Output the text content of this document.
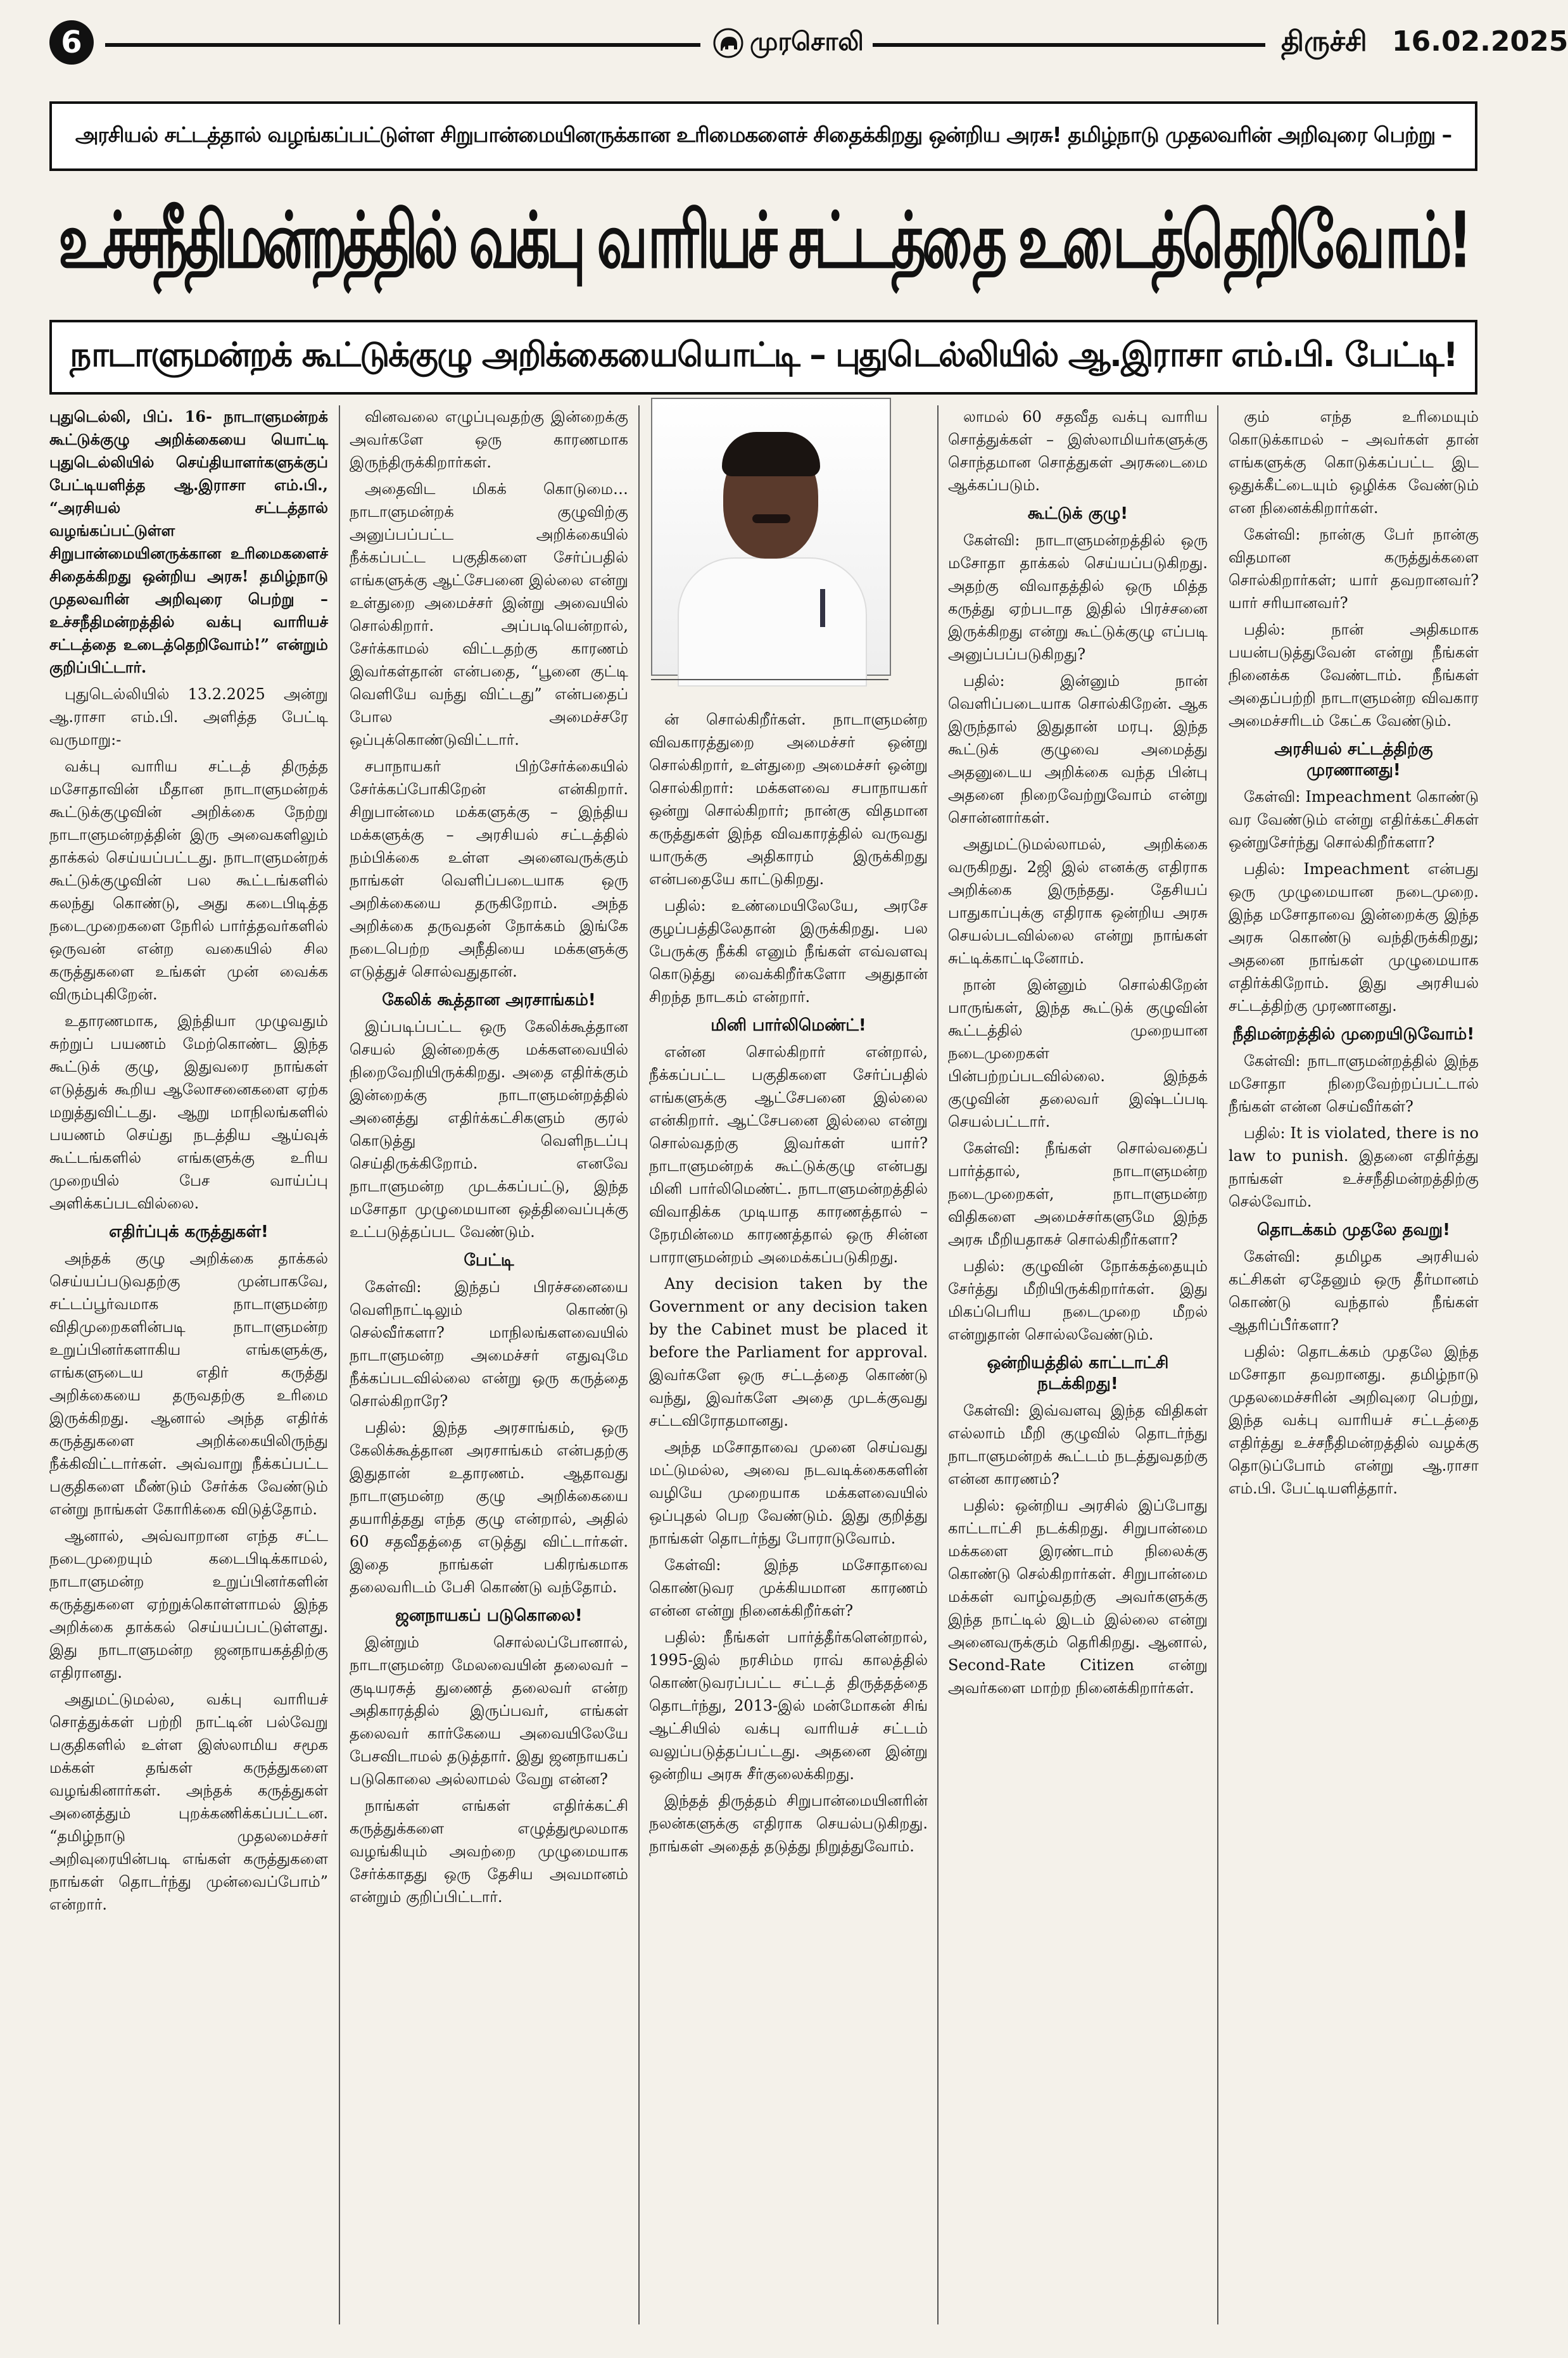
6	முரசொலி	திருச்சி 16.02.2025
அரசியல் சட்டத்தால் வழங்கப்பட்டுள்ள சிறுபான்மையினருக்கான உரிமைகளைச் சிதைக்கிறது ஒன்றிய அரசு! தமிழ்நாடு முதலவரின் அறிவுரை பெற்று –
உச்சநீதிமன்றத்தில் வக்பு வாரியச் சட்டத்தை உடைத்தெறிவோம்!
நாடாளுமன்றக் கூட்டுக்குழு அறிக்கையையொட்டி – புதுடெல்லியில் ஆ.இராசா எம்.பி. பேட்டி!

புதுடெல்லி, பிப். 16- நாடாளுமன்றக் கூட்டுக்குழு அறிக்கையை யொட்டி புதுடெல்லியில் செய்தியாளர்களுக்குப் பேட்டியளித்த ஆ.இராசா எம்.பி., “அரசியல் சட்டத்தால் வழங்கப்பட்டுள்ள சிறுபான்மையினருக்கான உரிமைகளைச் சிதைக்கிறது ஒன்றிய அரசு! தமிழ்நாடு முதலவரின் அறிவுரை பெற்று – உச்சநீதிமன்றத்தில் வக்பு வாரியச் சட்டத்தை உடைத்தெறிவோம்!” என்றும் குறிப்பிட்டார்.

புதுடெல்லியில் 13.2.2025 அன்று ஆ.ராசா எம்.பி. அளித்த பேட்டி வருமாறு:-

வக்பு வாரிய சட்டத் திருத்த மசோதாவின் மீதான நாடாளுமன்றக் கூட்டுக்குழுவின் அறிக்கை நேற்று நாடாளுமன்றத்தின் இரு அவைகளிலும் தாக்கல் செய்யப்பட்டது. நாடாளுமன்றக் கூட்டுக்குழுவின் பல கூட்டங்களில் கலந்து கொண்டு, அது கடைபிடித்த நடைமுறைகளை நேரில் பார்த்தவர்களில் ஒருவன் என்ற வகையில் சில கருத்துகளை உங்கள் முன் வைக்க விரும்புகிறேன்.

உதாரணமாக, இந்தியா முழுவதும் சுற்றுப் பயணம் மேற்கொண்ட இந்த கூட்டுக் குழு, இதுவரை நாங்கள் எடுத்துக் கூறிய ஆலோசனைகளை ஏற்க மறுத்துவிட்டது. ஆறு மாநிலங்களில் பயணம் செய்து நடத்திய ஆய்வுக் கூட்டங்களில் எங்களுக்கு உரிய முறையில் பேச வாய்ப்பு அளிக்கப்படவில்லை.

எதிர்ப்புக் கருத்துகள்!

அந்தக் குழு அறிக்கை தாக்கல் செய்யப்படுவதற்கு முன்பாகவே, சட்டப்பூர்வமாக நாடாளுமன்ற விதிமுறைகளின்படி நாடாளுமன்ற உறுப்பினர்களாகிய எங்களுக்கு, எங்களுடைய எதிர் கருத்து அறிக்கையை தருவதற்கு உரிமை இருக்கிறது. ஆனால் அந்த எதிர்க் கருத்துகளை அறிக்கையிலிருந்து நீக்கிவிட்டார்கள். அவ்வாறு நீக்கப்பட்ட பகுதிகளை மீண்டும் சேர்க்க வேண்டும் என்று நாங்கள் கோரிக்கை விடுத்தோம்.

ஆனால், அவ்வாறான எந்த சட்ட நடைமுறையும் கடைபிடிக்காமல், நாடாளுமன்ற உறுப்பினர்களின் கருத்துகளை ஏற்றுக்கொள்ளாமல் இந்த அறிக்கை தாக்கல் செய்யப்பட்டுள்ளது. இது நாடாளுமன்ற ஜனநாயகத்திற்கு எதிரானது.

அதுமட்டுமல்ல, வக்பு வாரியச் சொத்துக்கள் பற்றி நாட்டின் பல்வேறு பகுதிகளில் உள்ள இஸ்லாமிய சமூக மக்கள் தங்கள் கருத்துகளை வழங்கினார்கள். அந்தக் கருத்துகள் அனைத்தும் புறக்கணிக்கப்பட்டன. “தமிழ்நாடு முதலமைச்சர் அறிவுரையின்படி எங்கள் கருத்துகளை நாங்கள் தொடர்ந்து முன்வைப்போம்” என்றார்.

வினவலை எழுப்புவதற்கு இன்றைக்கு அவர்களே ஒரு காரணமாக இருந்திருக்கிறார்கள்.

அதைவிட மிகக் கொடுமை… நாடாளுமன்றக் குழுவிற்கு அனுப்பப்பட்ட அறிக்கையில் நீக்கப்பட்ட பகுதிகளை சேர்ப்பதில் எங்களுக்கு ஆட்சேபனை இல்லை என்று உள்துறை அமைச்சர் இன்று அவையில் சொல்கிறார். அப்படியென்றால், சேர்க்காமல் விட்டதற்கு காரணம் இவர்கள்தான் என்பதை, “பூனை குட்டி வெளியே வந்து விட்டது” என்பதைப் போல அமைச்சரே ஒப்புக்கொண்டுவிட்டார்.

சபாநாயகர் பிற்சேர்க்கையில் சேர்க்கப்போகிறேன் என்கிறார். சிறுபான்மை மக்களுக்கு – இந்திய மக்களுக்கு – அரசியல் சட்டத்தில் நம்பிக்கை உள்ள அனைவருக்கும் நாங்கள் வெளிப்படையாக ஒரு அறிக்கையை தருகிறோம். அந்த அறிக்கை தருவதன் நோக்கம் இங்கே நடைபெற்ற அநீதியை மக்களுக்கு எடுத்துச் சொல்வதுதான்.

கேலிக் கூத்தான அரசாங்கம்!

இப்படிப்பட்ட ஒரு கேலிக்கூத்தான செயல் இன்றைக்கு மக்களவையில் நிறைவேறியிருக்கிறது. அதை எதிர்க்கும் இன்றைக்கு நாடாளுமன்றத்தில் அனைத்து எதிர்க்கட்சிகளும் குரல் கொடுத்து வெளிநடப்பு செய்திருக்கிறோம். எனவே நாடாளுமன்ற முடக்கப்பட்டு, இந்த மசோதா முழுமையான ஒத்திவைப்புக்கு உட்படுத்தப்பட வேண்டும்.

பேட்டி

கேள்வி: இந்தப் பிரச்சனையை வெளிநாட்டிலும் கொண்டு செல்வீர்களா? மாநிலங்களவையில் நாடாளுமன்ற அமைச்சர் எதுவுமே நீக்கப்படவில்லை என்று ஒரு கருத்தை சொல்கிறாரே?

பதில்: இந்த அரசாங்கம், ஒரு கேலிக்கூத்தான அரசாங்கம் என்பதற்கு இதுதான் உதாரணம். ஆதாவது நாடாளுமன்ற குழு அறிக்கையை தயாரித்தது எந்த குழு என்றால், அதில் 60 சதவீதத்தை எடுத்து விட்டார்கள். இதை நாங்கள் பகிரங்கமாக தலைவரிடம் பேசி கொண்டு வந்தோம்.

ஜனநாயகப் படுகொலை!

இன்றும் சொல்லப்போனால், நாடாளுமன்ற மேலவையின் தலைவர் – குடியரசுத் துணைத் தலைவர் என்ற அதிகாரத்தில் இருப்பவர், எங்கள் தலைவர் கார்கேயை அவையிலேயே பேசவிடாமல் தடுத்தார். இது ஜனநாயகப் படுகொலை அல்லாமல் வேறு என்ன?

நாங்கள் எங்கள் எதிர்க்கட்சி கருத்துக்களை எழுத்துமூலமாக வழங்கியும் அவற்றை முழுமையாக சேர்க்காதது ஒரு தேசிய அவமானம் என்றும் குறிப்பிட்டார்.

ன் சொல்கிறீர்கள். நாடாளுமன்ற விவகாரத்துறை அமைச்சர் ஒன்று சொல்கிறார், உள்துறை அமைச்சர் ஒன்று சொல்கிறார்: மக்களவை சபாநாயகர் ஒன்று சொல்கிறார்; நான்கு விதமான கருத்துகள் இந்த விவகாரத்தில் வருவது யாருக்கு அதிகாரம் இருக்கிறது என்பதையே காட்டுகிறது.

பதில்: உண்மையிலேயே, அரசே குழப்பத்திலேதான் இருக்கிறது. பல பேருக்கு நீக்கி எனும் நீங்கள் எவ்வளவு கொடுத்து வைக்கிறீர்களோ அதுதான் சிறந்த நாடகம் என்றார்.

மினி பார்லிமெண்ட்!

என்ன சொல்கிறார் என்றால், நீக்கப்பட்ட பகுதிகளை சேர்ப்பதில் எங்களுக்கு ஆட்சேபனை இல்லை என்கிறார். ஆட்சேபனை இல்லை என்று சொல்வதற்கு இவர்கள் யார்? நாடாளுமன்றக் கூட்டுக்குழு என்பது மினி பார்லிமெண்ட். நாடாளுமன்றத்தில் விவாதிக்க முடியாத காரணத்தால் – நேரமின்மை காரணத்தால் ஒரு சின்ன பாராளுமன்றம் அமைக்கப்படுகிறது.

Any decision taken by the Government or any decision taken by the Cabinet must be placed it before the Parliament for approval. இவர்களே ஒரு சட்டத்தை கொண்டு வந்து, இவர்களே அதை முடக்குவது சட்டவிரோதமானது.

அந்த மசோதாவை முனை செய்வது மட்டுமல்ல, அவை நடவடிக்கைகளின் வழியே முறையாக மக்களவையில் ஒப்புதல் பெற வேண்டும். இது குறித்து நாங்கள் தொடர்ந்து போராடுவோம்.

கேள்வி: இந்த மசோதாவை கொண்டுவர முக்கியமான காரணம் என்ன என்று நினைக்கிறீர்கள்?

பதில்: நீங்கள் பார்த்தீர்களென்றால், 1995-இல் நரசிம்ம ராவ் காலத்தில் கொண்டுவரப்பட்ட சட்டத் திருத்தத்தை தொடர்ந்து, 2013-இல் மன்மோகன் சிங் ஆட்சியில் வக்பு வாரியச் சட்டம் வலுப்படுத்தப்பட்டது. அதனை இன்று ஒன்றிய அரசு சீர்குலைக்கிறது.

இந்தத் திருத்தம் சிறுபான்மையினரின் நலன்களுக்கு எதிராக செயல்படுகிறது. நாங்கள் அதைத் தடுத்து நிறுத்துவோம்.

லாமல் 60 சதவீத வக்பு வாரிய சொத்துக்கள் – இஸ்லாமியர்களுக்கு சொந்தமான சொத்துகள் அரசுடைமை ஆக்கப்படும்.

கூட்டுக் குழு!

கேள்வி: நாடாளுமன்றத்தில் ஒரு மசோதா தாக்கல் செய்யப்படுகிறது. அதற்கு விவாதத்தில் ஒரு மித்த கருத்து ஏற்படாத இதில் பிரச்சனை இருக்கிறது என்று கூட்டுக்குழு எப்படி அனுப்பப்படுகிறது?

பதில்: இன்னும் நான் வெளிப்படையாக சொல்கிறேன். ஆக இருந்தால் இதுதான் மரபு. இந்த கூட்டுக் குழுவை அமைத்து அதனுடைய அறிக்கை வந்த பின்பு அதனை நிறைவேற்றுவோம் என்று சொன்னார்கள்.

அதுமட்டுமல்லாமல், அறிக்கை வருகிறது. 2ஜி இல் எனக்கு எதிராக அறிக்கை இருந்தது. தேசியப் பாதுகாப்புக்கு எதிராக ஒன்றிய அரசு செயல்படவில்லை என்று நாங்கள் சுட்டிக்காட்டினோம்.

நான் இன்னும் சொல்கிறேன் பாருங்கள், இந்த கூட்டுக் குழுவின் கூட்டத்தில் முறையான நடைமுறைகள் பின்பற்றப்படவில்லை. இந்தக் குழுவின் தலைவர் இஷ்டப்படி செயல்பட்டார்.

கேள்வி: நீங்கள் சொல்வதைப் பார்த்தால், நாடாளுமன்ற நடைமுறைகள், நாடாளுமன்ற விதிகளை அமைச்சர்களுமே இந்த அரசு மீறியதாகச் சொல்கிறீர்களா?

பதில்: குழுவின் நோக்கத்தையும் சேர்த்து மீறியிருக்கிறார்கள். இது மிகப்பெரிய நடைமுறை மீறல் என்றுதான் சொல்லவேண்டும்.

ஒன்றியத்தில் காட்டாட்சி நடக்கிறது!

கேள்வி: இவ்வளவு இந்த விதிகள் எல்லாம் மீறி குழுவில் தொடர்ந்து நாடாளுமன்றக் கூட்டம் நடத்துவதற்கு என்ன காரணம்?

பதில்: ஒன்றிய அரசில் இப்போது காட்டாட்சி நடக்கிறது. சிறுபான்மை மக்களை இரண்டாம் நிலைக்கு கொண்டு செல்கிறார்கள். சிறுபான்மை மக்கள் வாழ்வதற்கு அவர்களுக்கு இந்த நாட்டில் இடம் இல்லை என்று அனைவருக்கும் தெரிகிறது. ஆனால், Second-Rate Citizen என்று அவர்களை மாற்ற நினைக்கிறார்கள்.

கும் எந்த உரிமையும் கொடுக்காமல் – அவர்கள் தான் எங்களுக்கு கொடுக்கப்பட்ட இட ஒதுக்கீட்டையும் ஒழிக்க வேண்டும் என நினைக்கிறார்கள்.

கேள்வி: நான்கு பேர் நான்கு விதமான கருத்துக்களை சொல்கிறார்கள்; யார் தவறானவர்? யார் சரியானவர்?

பதில்: நான் அதிகமாக பயன்படுத்துவேன் என்று நீங்கள் நினைக்க வேண்டாம். நீங்கள் அதைப்பற்றி நாடாளுமன்ற விவகார அமைச்சரிடம் கேட்க வேண்டும்.

அரசியல் சட்டத்திற்கு முரணானது!

கேள்வி: Impeachment கொண்டு வர வேண்டும் என்று எதிர்க்கட்சிகள் ஒன்றுசேர்ந்து சொல்கிறீர்களா?

பதில்: Impeachment என்பது ஒரு முழுமையான நடைமுறை. இந்த மசோதாவை இன்றைக்கு இந்த அரசு கொண்டு வந்திருக்கிறது; அதனை நாங்கள் முழுமையாக எதிர்க்கிறோம். இது அரசியல் சட்டத்திற்கு முரணானது.

நீதிமன்றத்தில் முறையிடுவோம்!

கேள்வி: நாடாளுமன்றத்தில் இந்த மசோதா நிறைவேற்றப்பட்டால் நீங்கள் என்ன செய்வீர்கள்?

பதில்: It is violated, there is no law to punish. இதனை எதிர்த்து நாங்கள் உச்சநீதிமன்றத்திற்கு செல்வோம்.

தொடக்கம் முதலே தவறு!

கேள்வி: தமிழக அரசியல் கட்சிகள் ஏதேனும் ஒரு தீர்மானம் கொண்டு வந்தால் நீங்கள் ஆதரிப்பீர்களா?

பதில்: தொடக்கம் முதலே இந்த மசோதா தவறானது. தமிழ்நாடு முதலமைச்சரின் அறிவுரை பெற்று, இந்த வக்பு வாரியச் சட்டத்தை எதிர்த்து உச்சநீதிமன்றத்தில் வழக்கு தொடுப்போம் என்று ஆ.ராசா எம்.பி. பேட்டியளித்தார்.
